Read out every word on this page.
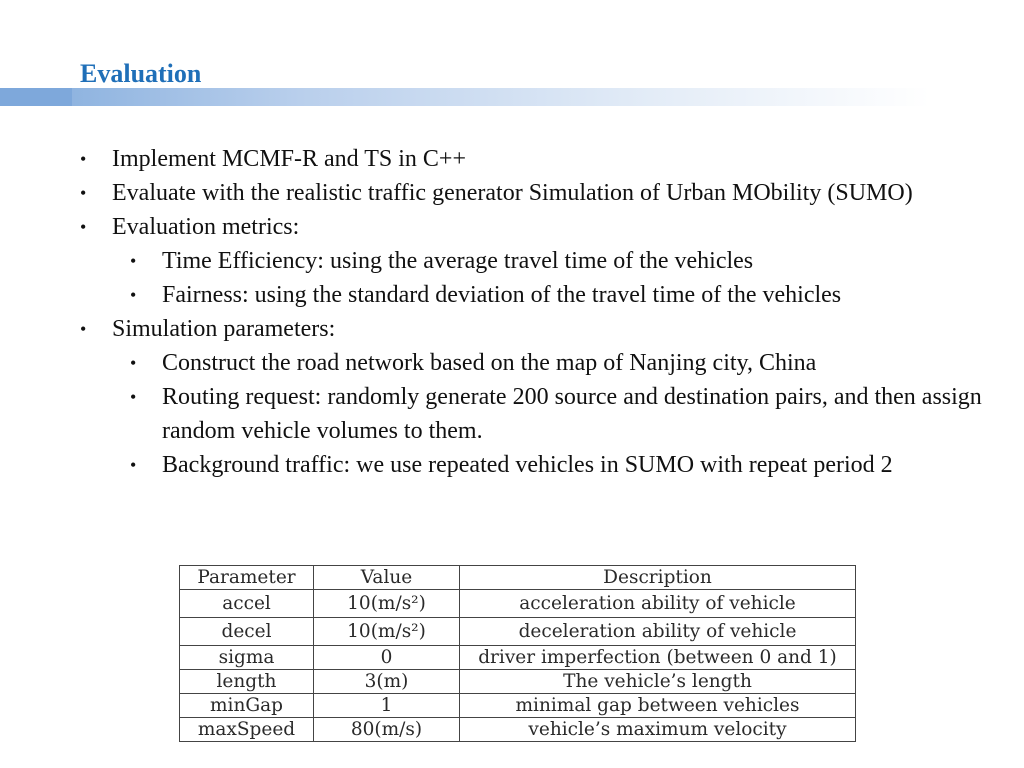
Evaluation
• Implement MCMF-R and TS in C++
• Evaluate with the realistic traffic generator Simulation of Urban MObility (SUMO)
• Evaluation metrics:
• Time Efficiency: using the average travel time of the vehicles
• Fairness: using the standard deviation of the travel time of the vehicles
• Simulation parameters:
• Construct the road network based on the map of Nanjing city, China
• Routing request: randomly generate 200 source and destination pairs, and then assign random vehicle volumes to them.
• Background traffic: we use repeated vehicles in SUMO with repeat period 2
Parameter	Value	Description
accel	10(m/s²)	acceleration ability of vehicle
decel	10(m/s²)	deceleration ability of vehicle
sigma	0	driver imperfection (between 0 and 1)
length	3(m)	The vehicle’s length
minGap	1	minimal gap between vehicles
maxSpeed	80(m/s)	vehicle’s maximum velocity
